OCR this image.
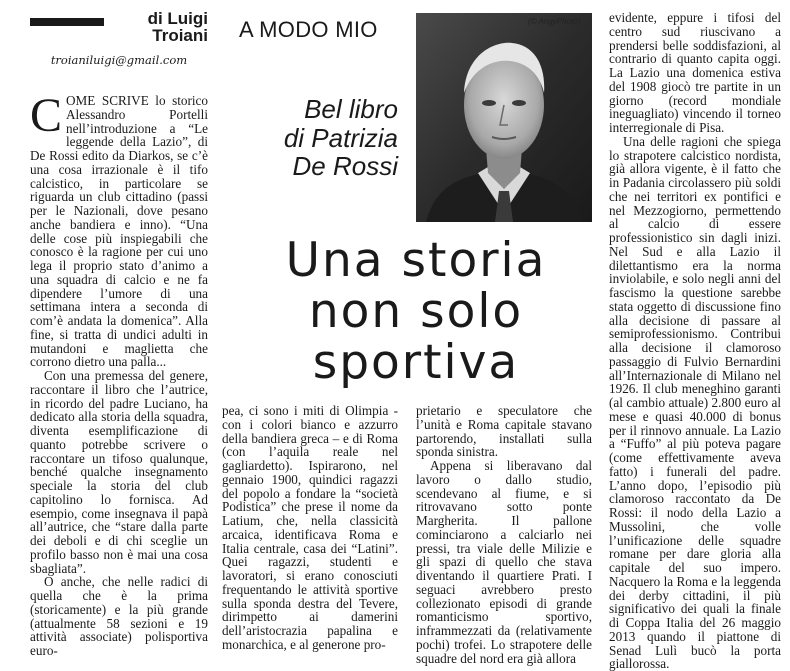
di Luigi
Troiani
troianiluigi@gmail.com
A MODO MIO
Bel libro
di Patrizia
De Rossi
(© AngyPhoto)
Una storia
non solo
sportiva

COME SCRIVE lo storico Alessandro Portelli nell’introduzione a “Le leggende della Lazio”, di De Rossi edito da Diarkos, se c’è una cosa irrazionale è il tifo calcistico, in particolare se riguarda un club cittadino (passi per le Nazionali, dove pesano anche bandiera e inno). “Una delle cose più inspiegabili che conosco è la ragione per cui uno lega il proprio stato d’animo a una squadra di calcio e ne fa dipendere l’umore di una settimana intera a seconda di com’è andata la domenica”. Alla fine, si tratta di undici adulti in mutandoni e maglietta che corrono dietro una palla...

Con una premessa del genere, raccontare il libro che l’autrice, in ricordo del padre Luciano, ha dedicato alla storia della squadra, diventa esemplificazione di quanto potrebbe scrivere o raccontare un tifoso qualunque, benché qualche insegnamento speciale la storia del club capitolino lo fornisca. Ad esempio, come insegnava il papà all’autrice, che “stare dalla parte dei deboli e di chi sceglie un profilo basso non è mai una cosa sbagliata”.

O anche, che nelle radici di quella che è la prima (storicamente) e la più grande (attualmente 58 sezioni e 19 attività associate) polisportiva euro-

pea, ci sono i miti di Olimpia - con i colori bianco e azzurro della bandiera greca – e di Roma (con l’aquila reale nel gagliardetto). Ispirarono, nel gennaio 1900, quindici ragazzi del popolo a fondare la “società Podistica” che prese il nome da Latium, che, nella classicità arcaica, identificava Roma e Italia centrale, casa dei “Latini”. Quei ragazzi, studenti e lavoratori, si erano conosciuti frequentando le attività sportive sulla sponda destra del Tevere, dirimpetto ai damerini dell’aristocrazia papalina e monarchica, e al generone pro-

prietario e speculatore che l’unità e Roma capitale stavano partorendo, installati sulla sponda sinistra.

Appena si liberavano dal lavoro o dallo studio, scendevano al fiume, e si ritrovavano sotto ponte Margherita. Il pallone cominciarono a calciarlo nei pressi, tra viale delle Milizie e gli spazi di quello che stava diventando il quartiere Prati. I seguaci avrebbero presto collezionato episodi di grande romanticismo sportivo, inframmezzati da (relativamente pochi) trofei. Lo strapotere delle squadre del nord era già allora

evidente, eppure i tifosi del centro sud riuscivano a prendersi belle soddisfazioni, al contrario di quanto capita oggi. La Lazio una domenica estiva del 1908 giocò tre partite in un giorno (record mondiale ineguagliato) vincendo il torneo interregionale di Pisa.

Una delle ragioni che spiega lo strapotere calcistico nordista, già allora vigente, è il fatto che in Padania circolassero più soldi che nei territori ex pontifici e nel Mezzogiorno, permettendo al calcio di essere professionistico sin dagli inizi. Nel Sud e alla Lazio il dilettantismo era la norma inviolabile, e solo negli anni del fascismo la questione sarebbe stata oggetto di discussione fino alla decisione di passare al semiprofessionismo. Contribui alla decisione il clamoroso passaggio di Fulvio Bernardini all’Internazionale di Milano nel 1926. Il club meneghino garanti (al cambio attuale) 2.800 euro al mese e quasi 40.000 di bonus per il rinnovo annuale. La Lazio a “Fuffo” al più poteva pagare (come effettivamente aveva fatto) i funerali del padre. L’anno dopo, l’episodio più clamoroso raccontato da De Rossi: il nodo della Lazio a Mussolini, che volle l’unificazione delle squadre romane per dare gloria alla capitale del suo impero. Nacquero la Roma e la leggenda dei derby cittadini, il più significativo dei quali la finale di Coppa Italia del 26 maggio 2013 quando il piattone di Senad Lulì bucò la porta giallorossa.
